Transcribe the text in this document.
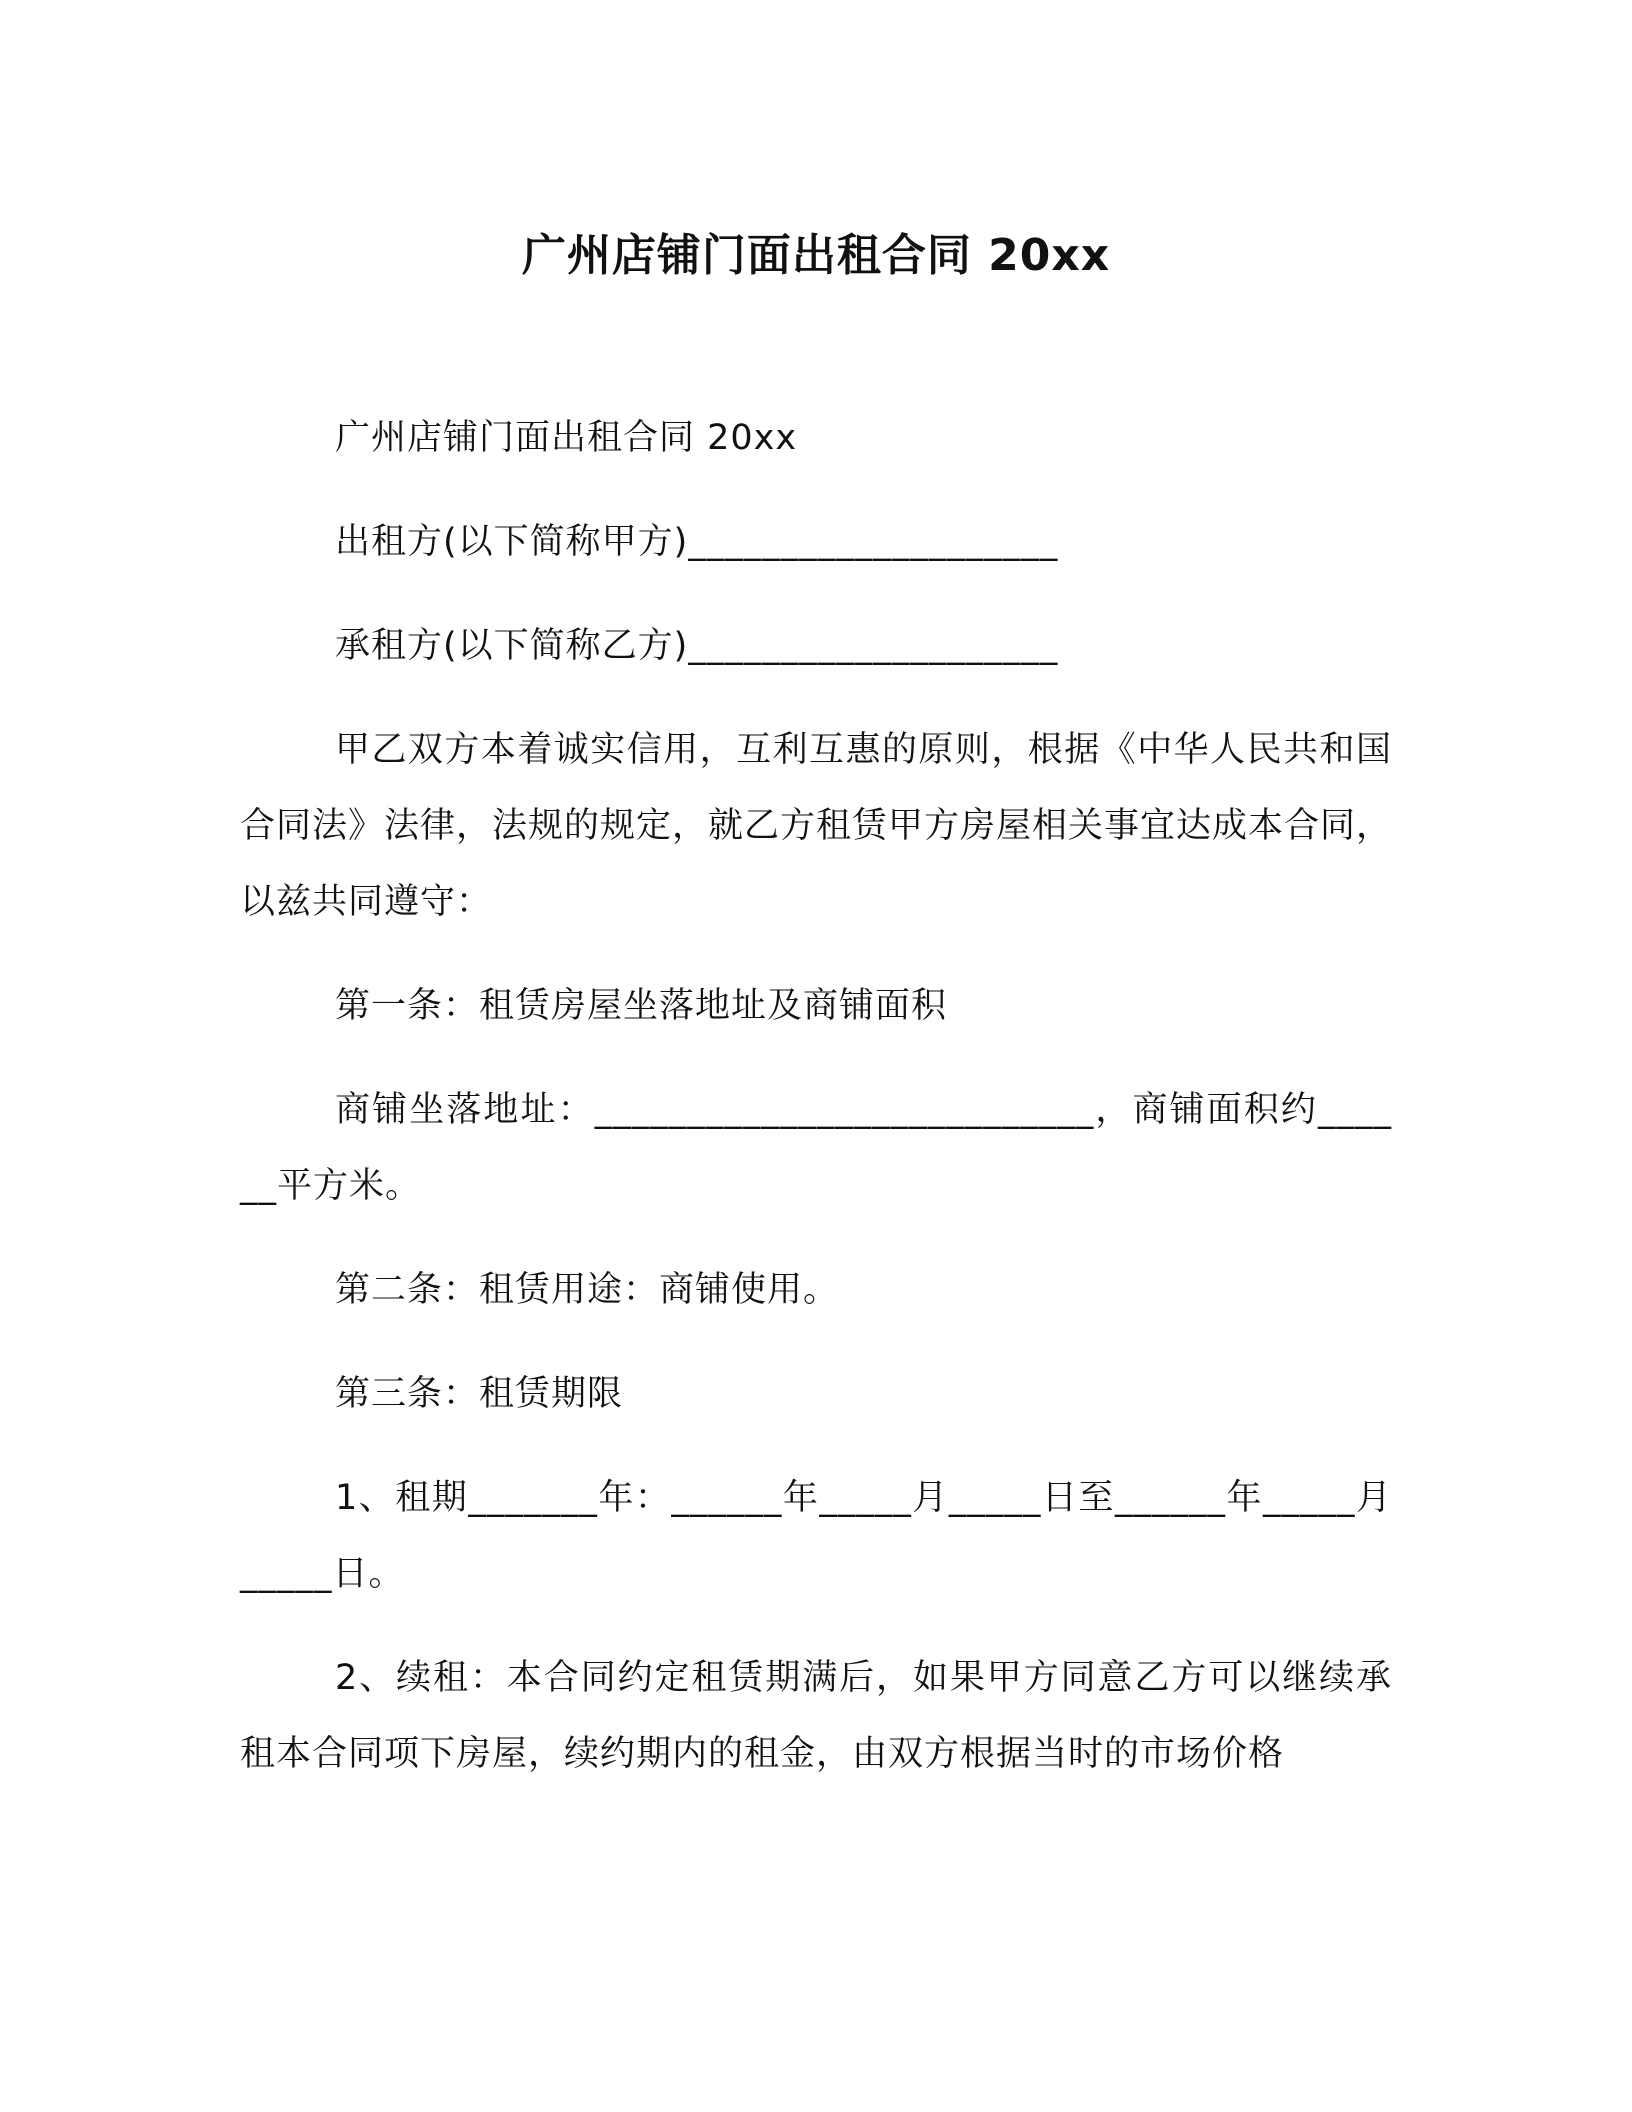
广州店铺门面出租合同 20xx

广州店铺门面出租合同 20xx

出租方(以下简称甲方)____________________

承租方(以下简称乙方)____________________

甲乙双方本着诚实信用，互利互惠的原则，根据《中华人民共和国合同法》法律，法规的规定，就乙方租赁甲方房屋相关事宜达成本合同，以兹共同遵守：

第一条：租赁房屋坐落地址及商铺面积

商铺坐落地址：___________________________，商铺面积约______平方米。

第二条：租赁用途：商铺使用。

第三条：租赁期限

1、租期_______年：______年_____月_____日至______年_____月_____日。

2、续租：本合同约定租赁期满后，如果甲方同意乙方可以继续承租本合同项下房屋，续约期内的租金，由双方根据当时的市场价格
